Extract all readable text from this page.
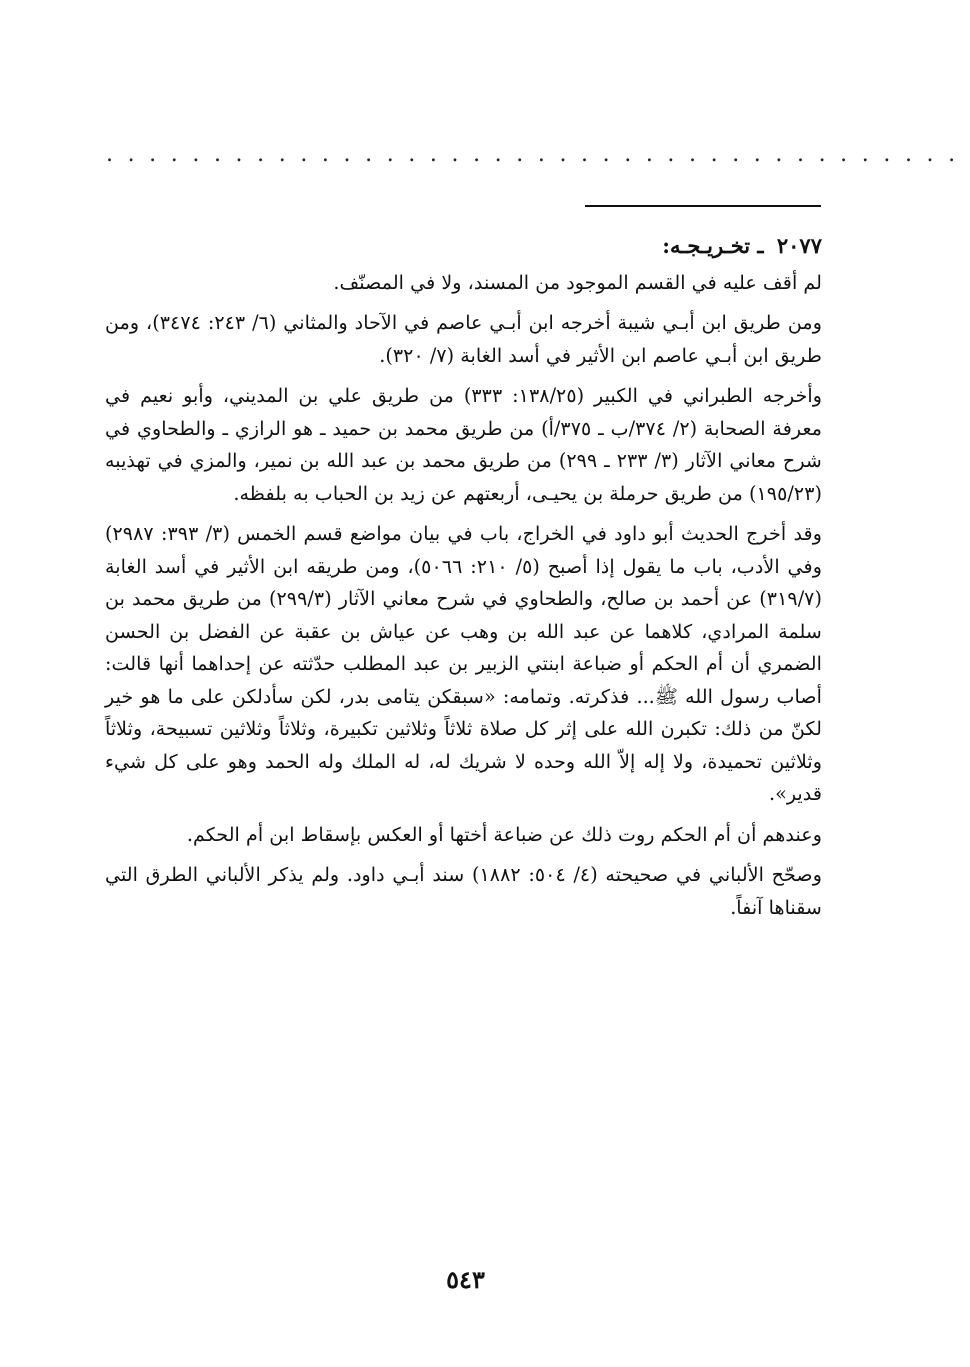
........................................
٢٠٧٧ ـ تخـريـجـه:

لم أقف عليه في القسم الموجود من المسند، ولا في المصنّف.

ومن طريق ابن أبـي شيبة أخرجه ابن أبـي عاصم في الآحاد والمثاني (٦/ ٢٤٣: ٣٤٧٤)، ومن طريق ابن أبـي عاصم ابن الأثير في أسد الغابة (٧/ ٣٢٠).

وأخرجه الطبراني في الكبير (١٣٨/٢٥: ٣٣٣) من طريق علي بن المديني، وأبو نعيم في معرفة الصحابة (٢/ ٣٧٤/ب ـ ٣٧٥/أ) من طريق محمد بن حميد ـ هو الرازي ـ والطحاوي في شرح معاني الآثار (٣/ ٢٣٣ ـ ٢٩٩) من طريق محمد بن عبد الله بن نمير، والمزي في تهذيبه (١٩٥/٢٣) من طريق حرملة بن يحيـى، أربعتهم عن زيد بن الحباب به بلفظه.

وقد أخرج الحديث أبو داود في الخراج، باب في بيان مواضع قسم الخمس (٣/ ٣٩٣: ٢٩٨٧) وفي الأدب، باب ما يقول إذا أصبح (٥/ ٢١٠: ٥٠٦٦)، ومن طريقه ابن الأثير في أسد الغابة (٣١٩/٧) عن أحمد بن صالح، والطحاوي في شرح معاني الآثار (٢٩٩/٣) من طريق محمد بن سلمة المرادي، كلاهما عن عبد الله بن وهب عن عياش بن عقبة عن الفضل بن الحسن الضمري أن أم الحكم أو ضباعة ابنتي الزبير بن عبد المطلب حدّثته عن إحداهما أنها قالت: أصاب رسول الله ﷺ... فذكرته. وتمامه: «سبقكن يتامى بدر، لكن سأدلكن على ما هو خير لكنّ من ذلك: تكبرن الله على إثر كل صلاة ثلاثاً وثلاثين تكبيرة، وثلاثاً وثلاثين تسبيحة، وثلاثاً وثلاثين تحميدة، ولا إله إلاّ الله وحده لا شريك له، له الملك وله الحمد وهو على كل شيء قدير».

وعندهم أن أم الحكم روت ذلك عن ضباعة أختها أو العكس بإسقاط ابن أم الحكم.

وصحّح الألباني في صحيحته (٤/ ٥٠٤: ١٨٨٢) سند أبـي داود. ولم يذكر الألباني الطرق التي سقناها آنفاً.

٥٤٣
